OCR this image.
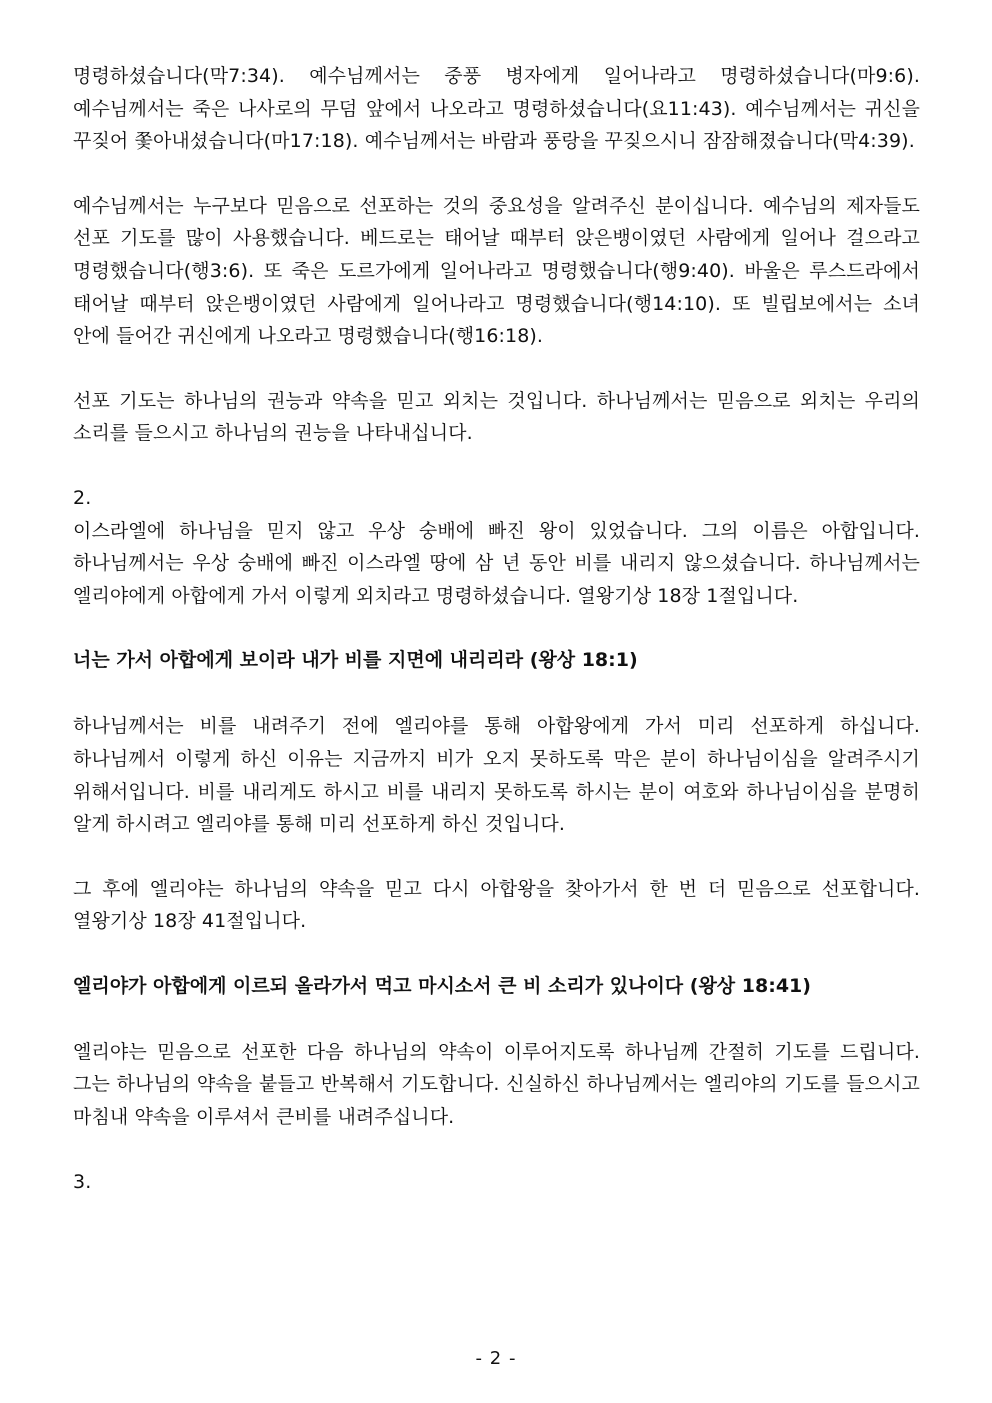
명령하셨습니다(막7:34). 예수님께서는 중풍 병자에게 일어나라고 명령하셨습니다(마9:6). 예수님께서는 죽은 나사로의 무덤 앞에서 나오라고 명령하셨습니다(요11:43). 예수님께서는 귀신을 꾸짖어 쫓아내셨습니다(마17:18). 예수님께서는 바람과 풍랑을 꾸짖으시니 잠잠해졌습니다(막4:39).

예수님께서는 누구보다 믿음으로 선포하는 것의 중요성을 알려주신 분이십니다. 예수님의 제자들도 선포 기도를 많이 사용했습니다. 베드로는 태어날 때부터 앉은뱅이였던 사람에게 일어나 걸으라고 명령했습니다(행3:6). 또 죽은 도르가에게 일어나라고 명령했습니다(행9:40). 바울은 루스드라에서 태어날 때부터 앉은뱅이였던 사람에게 일어나라고 명령했습니다(행14:10). 또 빌립보에서는 소녀 안에 들어간 귀신에게 나오라고 명령했습니다(행16:18).

선포 기도는 하나님의 권능과 약속을 믿고 외치는 것입니다. 하나님께서는 믿음으로 외치는 우리의 소리를 들으시고 하나님의 권능을 나타내십니다.

2.

이스라엘에 하나님을 믿지 않고 우상 숭배에 빠진 왕이 있었습니다. 그의 이름은 아합입니다. 하나님께서는 우상 숭배에 빠진 이스라엘 땅에 삼 년 동안 비를 내리지 않으셨습니다. 하나님께서는 엘리야에게 아합에게 가서 이렇게 외치라고 명령하셨습니다. 열왕기상 18장 1절입니다.

너는 가서 아합에게 보이라 내가 비를 지면에 내리리라 (왕상 18:1)

하나님께서는 비를 내려주기 전에 엘리야를 통해 아합왕에게 가서 미리 선포하게 하십니다. 하나님께서 이렇게 하신 이유는 지금까지 비가 오지 못하도록 막은 분이 하나님이심을 알려주시기 위해서입니다. 비를 내리게도 하시고 비를 내리지 못하도록 하시는 분이 여호와 하나님이심을 분명히 알게 하시려고 엘리야를 통해 미리 선포하게 하신 것입니다.

그 후에 엘리야는 하나님의 약속을 믿고 다시 아합왕을 찾아가서 한 번 더 믿음으로 선포합니다. 열왕기상 18장 41절입니다.

엘리야가 아합에게 이르되 올라가서 먹고 마시소서 큰 비 소리가 있나이다 (왕상 18:41)

엘리야는 믿음으로 선포한 다음 하나님의 약속이 이루어지도록 하나님께 간절히 기도를 드립니다. 그는 하나님의 약속을 붙들고 반복해서 기도합니다. 신실하신 하나님께서는 엘리야의 기도를 들으시고 마침내 약속을 이루셔서 큰비를 내려주십니다.

3.

- 2 -
